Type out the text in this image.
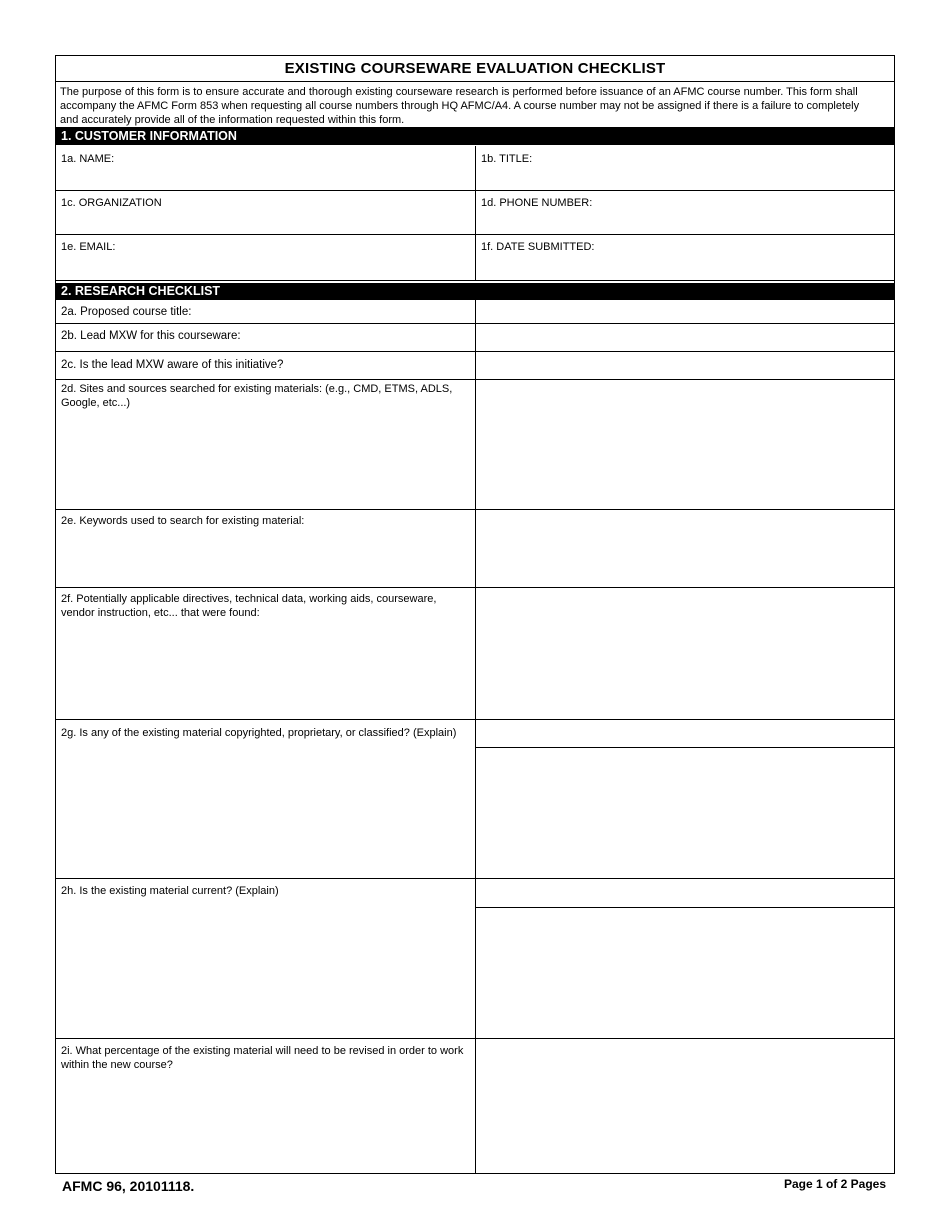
EXISTING COURSEWARE EVALUATION CHECKLIST
The purpose of this form is to ensure accurate and thorough existing courseware research is performed before issuance of an AFMC course number. This form shall accompany the AFMC Form 853 when requesting all course numbers through HQ AFMC/A4. A course number may not be assigned if there is a failure to completely and accurately provide all of the information requested within this form.
1. CUSTOMER INFORMATION
1a. NAME:	1b. TITLE:
1c. ORGANIZATION	1d. PHONE NUMBER:
1e. EMAIL:	1f. DATE SUBMITTED:
2. RESEARCH CHECKLIST
2a. Proposed course title:
2b. Lead MXW for this courseware:
2c. Is the lead MXW aware of this initiative?
2d. Sites and sources searched for existing materials: (e.g., CMD, ETMS, ADLS, Google, etc...)
2e. Keywords used to search for existing material:
2f. Potentially applicable directives, technical data, working aids, courseware, vendor instruction, etc... that were found:
2g. Is any of the existing material copyrighted, proprietary, or classified? (Explain)
2h. Is the existing material current? (Explain)
2i. What percentage of the existing material will need to be revised in order to work within the new course?
AFMC 96, 20101118.	Page 1 of 2 Pages
